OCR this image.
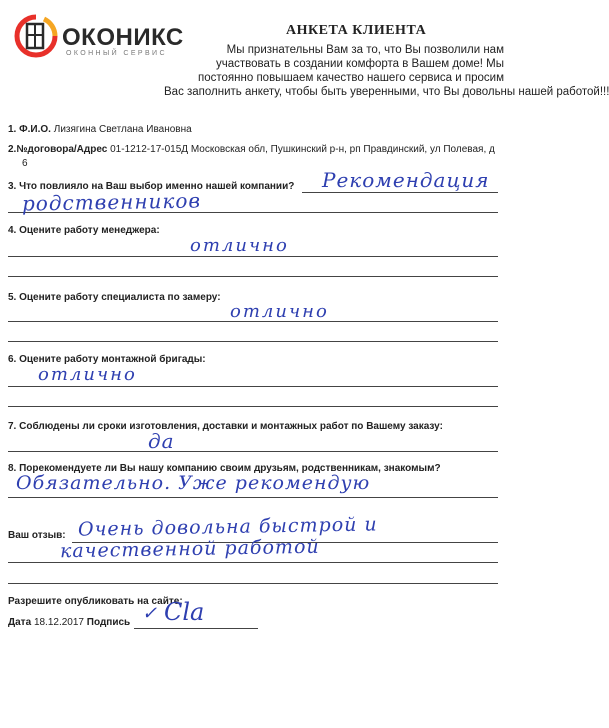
ОКОНИКС
ОКОННЫЙ СЕРВИС
АНКЕТА КЛИЕНТА
Мы признательны Вам за то, что Вы позволили нам
участвовать в создании комфорта в Вашем доме! Мы
постоянно повышаем качество нашего сервиса и просим
Вас заполнить анкету, чтобы быть уверенными, что Вы довольны нашей работой!!!
1. Ф.И.О. Лизягина Светлана Ивановна
2.№договора/Адрес 01-1212-17-015Д Московская обл, Пушкинский р-н, рп Правдинский, ул Полевая, д
6
3. Что повлияло на Ваш выбор именно нашей компании? Рекомендация
родственников
4. Оцените работу менеджера:
отлично
5. Оцените работу специалиста по замеру:
отлично
6. Оцените работу монтажной бригады:
отлично
7. Соблюдены ли сроки изготовления, доставки и монтажных работ по Вашему заказу:
да
8. Порекомендуете ли Вы нашу компанию своим друзьям, родственникам, знакомым?
Обязательно. Уже рекомендую
Ваш отзыв: Очень довольна быстрой и
качественной работой
Разрешите опубликовать на сайте:
Дата 18.12.2017 Подпись ✓ Сla
